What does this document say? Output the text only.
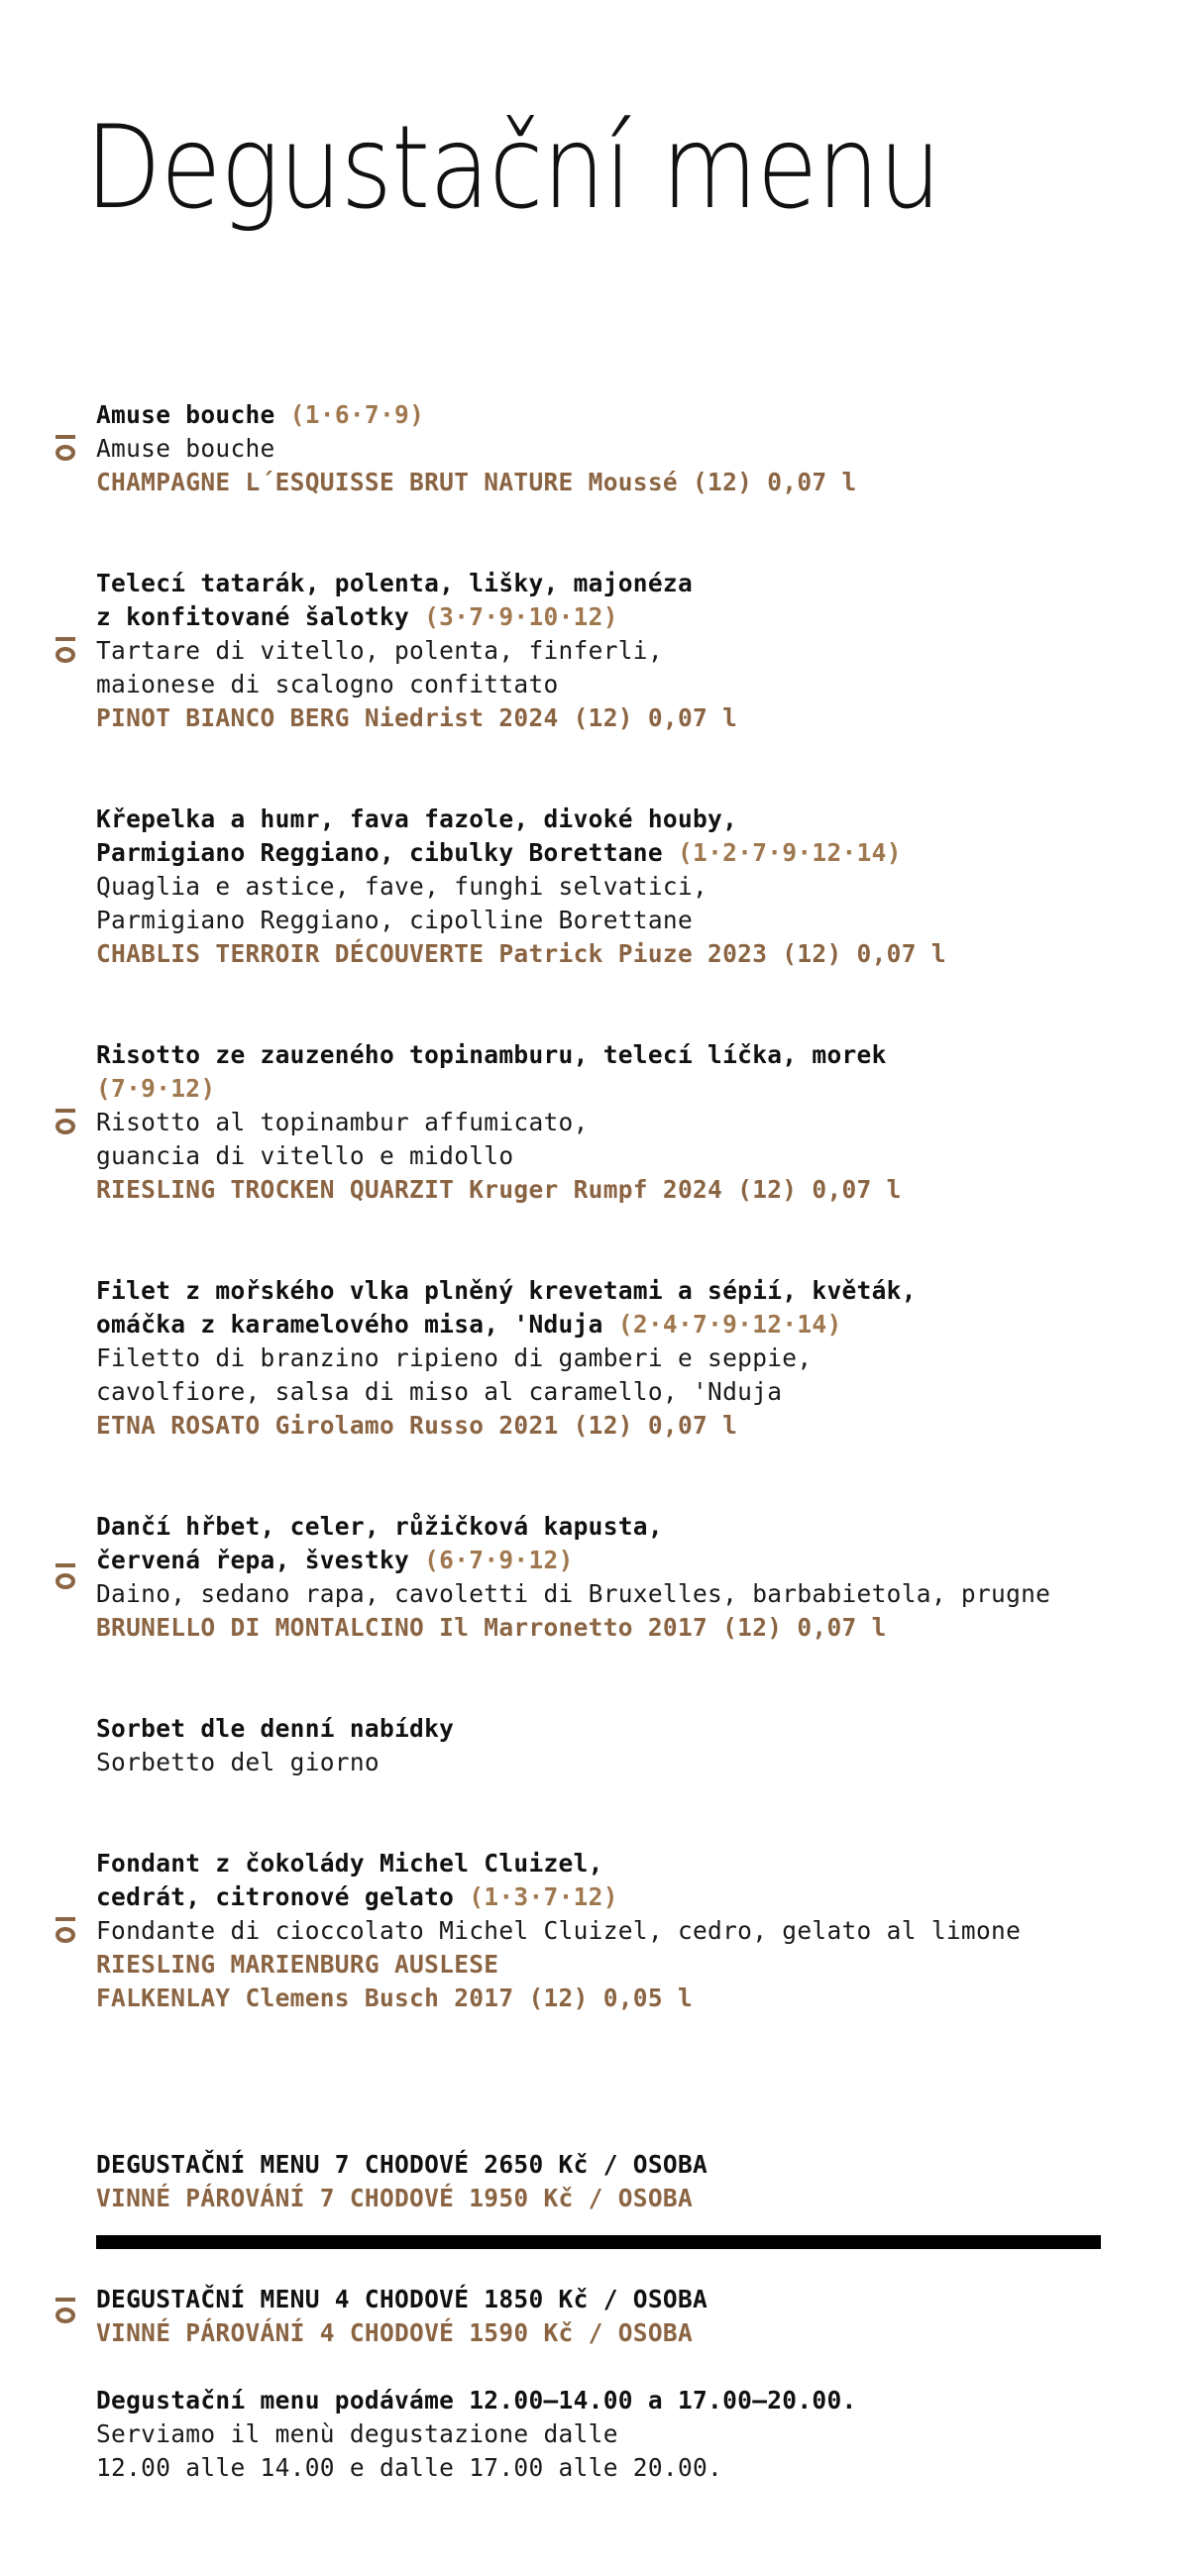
Degustační menu
Amuse bouche (1·6·7·9)
Amuse bouche
CHAMPAGNE L´ESQUISSE BRUT NATURE Moussé (12) 0,07 l
Telecí tatarák, polenta, lišky, majonéza
z konfitované šalotky (3·7·9·10·12)
Tartare di vitello, polenta, finferli,
maionese di scalogno confittato
PINOT BIANCO BERG Niedrist 2024 (12) 0,07 l
Křepelka a humr, fava fazole, divoké houby,
Parmigiano Reggiano, cibulky Borettane (1·2·7·9·12·14)
Quaglia e astice, fave, funghi selvatici,
Parmigiano Reggiano, cipolline Borettane
CHABLIS TERROIR DÉCOUVERTE Patrick Piuze 2023 (12) 0,07 l
Risotto ze zauzeného topinamburu, telecí líčka, morek
(7·9·12)
Risotto al topinambur affumicato,
guancia di vitello e midollo
RIESLING TROCKEN QUARZIT Kruger Rumpf 2024 (12) 0,07 l
Filet z mořského vlka plněný krevetami a sépií, květák,
omáčka z karamelového misa, 'Nduja (2·4·7·9·12·14)
Filetto di branzino ripieno di gamberi e seppie,
cavolfiore, salsa di miso al caramello, 'Nduja
ETNA ROSATO Girolamo Russo 2021 (12) 0,07 l
Dančí hřbet, celer, růžičková kapusta,
červená řepa, švestky (6·7·9·12)
Daino, sedano rapa, cavoletti di Bruxelles, barbabietola, prugne
BRUNELLO DI MONTALCINO Il Marronetto 2017 (12) 0,07 l
Sorbet dle denní nabídky
Sorbetto del giorno
Fondant z čokolády Michel Cluizel,
cedrát, citronové gelato (1·3·7·12)
Fondante di cioccolato Michel Cluizel, cedro, gelato al limone
RIESLING MARIENBURG AUSLESE
FALKENLAY Clemens Busch 2017 (12) 0,05 l
DEGUSTAČNÍ MENU 7 CHODOVÉ 2650 Kč / OSOBA
VINNÉ PÁROVÁNÍ 7 CHODOVÉ 1950 Kč / OSOBA
DEGUSTAČNÍ MENU 4 CHODOVÉ 1850 Kč / OSOBA
VINNÉ PÁROVÁNÍ 4 CHODOVÉ 1590 Kč / OSOBA
Degustační menu podáváme 12.00–14.00 a 17.00–20.00.
Serviamo il menù degustazione dalle
12.00 alle 14.00 e dalle 17.00 alle 20.00.
